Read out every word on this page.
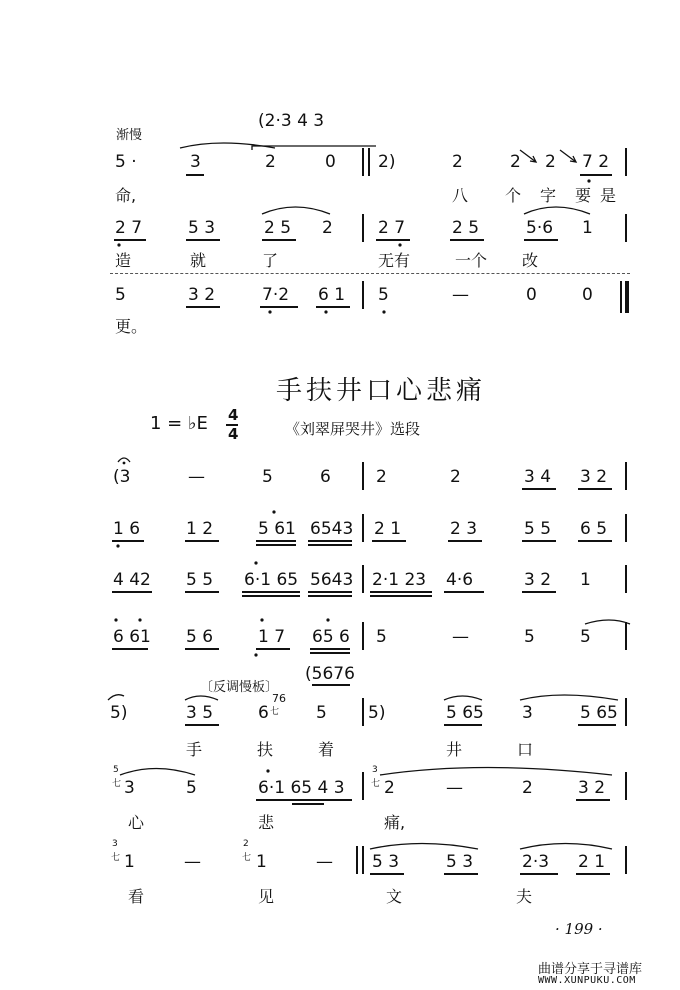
渐慢
(2·3 4 3
5 ·	3	2	0 2)	2	2 2 7 2
命,	八 个 字 要 是
2 7	5 3	2 5 2	2 7	2 5	5·6 1
造	就	了	无有	一个 改
5	3 2	7·2 6 1 5	—	0	0
更。
手扶井口心悲痛
1 = ♭E 4
4	《刘翠屏哭井》选段
(3	—	5	6	2	2	3 4 3 2
1 6	1 2	5 61 6543 2 1	2 3	5 5 6 5
4 42 5 5 6·1 65 5643 2·1 23 4·6	3 2 1
6 61 5 6	1 7 65 6 5	—	5	5
〔反调慢板〕
(5676
5)	3 5	6
76
5 5)	5 65 3	5 65
手	扶	着	井	口
3	5	6·1 65 4 3 2	—	2	3 2
心	悲	痛,
1	—	1	— 5 3	5 3	2·3 2 1
看	见	文	夫
· 199 ·
曲谱分享于寻谱库
WWW.XUNPUKU.COM
5
七
3
七
3
七
2
七
七
